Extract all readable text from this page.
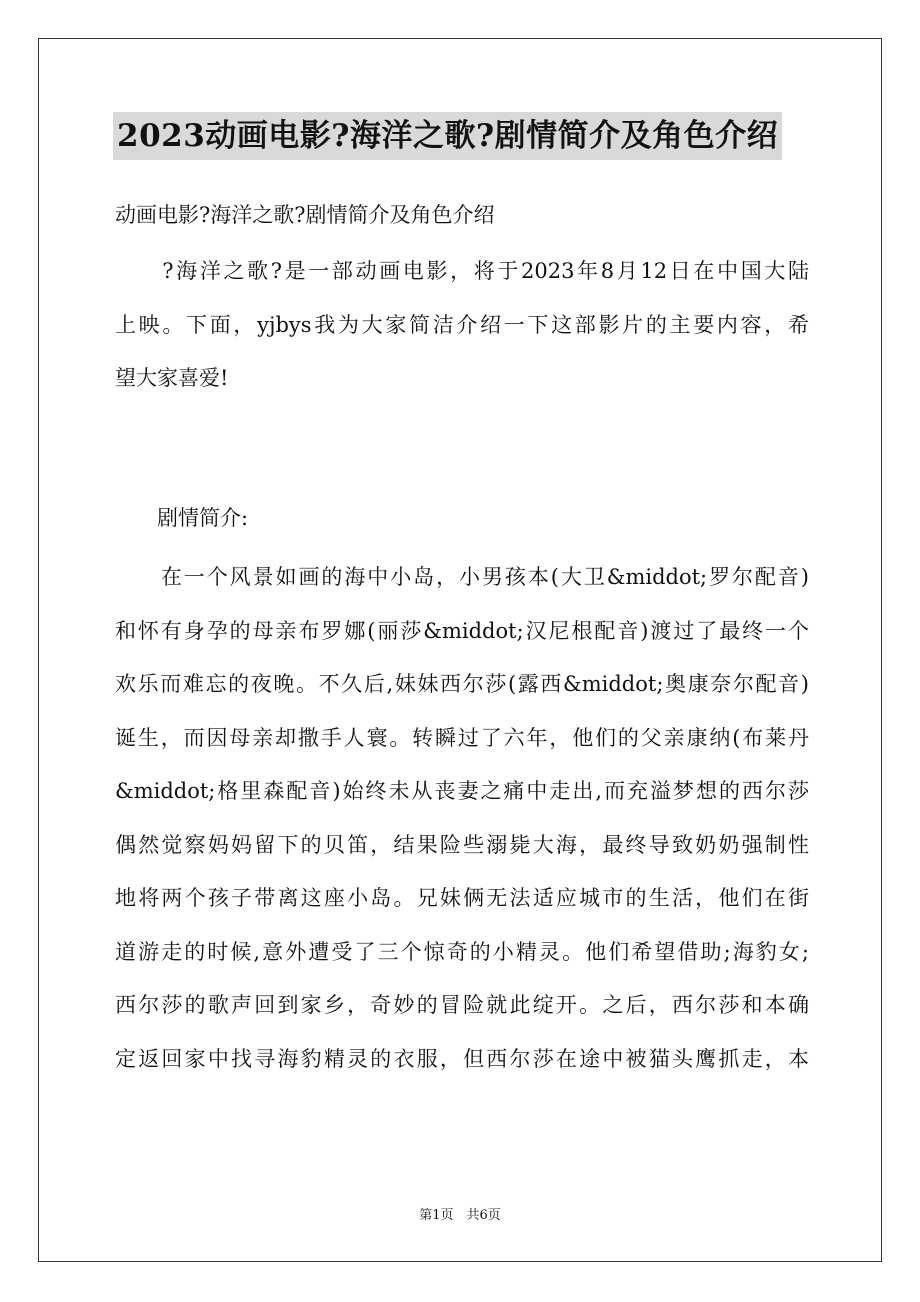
2023动画电影?海洋之歌?剧情简介及角色介绍
动画电影?海洋之歌?剧情简介及角色介绍
　　?海洋之歌?是一部动画电影，将于2023年8月12日在中国大陆
上映。下面，yjbys我为大家简洁介绍一下这部影片的主要内容，希
望大家喜爱!
　　剧情简介:
　　在一个风景如画的海中小岛，小男孩本(大卫&middot;罗尔配音)
和怀有身孕的母亲布罗娜(丽莎&middot;汉尼根配音)渡过了最终一个
欢乐而难忘的夜晚。不久后,妹妹西尔莎(露西&middot;奥康奈尔配音)
诞生，而因母亲却撒手人寰。转瞬过了六年，他们的父亲康纳(布莱丹
&middot;格里森配音)始终未从丧妻之痛中走出,而充溢梦想的西尔莎
偶然觉察妈妈留下的贝笛，结果险些溺毙大海，最终导致奶奶强制性
地将两个孩子带离这座小岛。兄妹俩无法适应城市的生活，他们在街
道游走的时候,意外遭受了三个惊奇的小精灵。他们希望借助;海豹女;
西尔莎的歌声回到家乡，奇妙的冒险就此绽开。之后，西尔莎和本确
定返回家中找寻海豹精灵的衣服，但西尔莎在途中被猫头鹰抓走，本
第1页　共6页
